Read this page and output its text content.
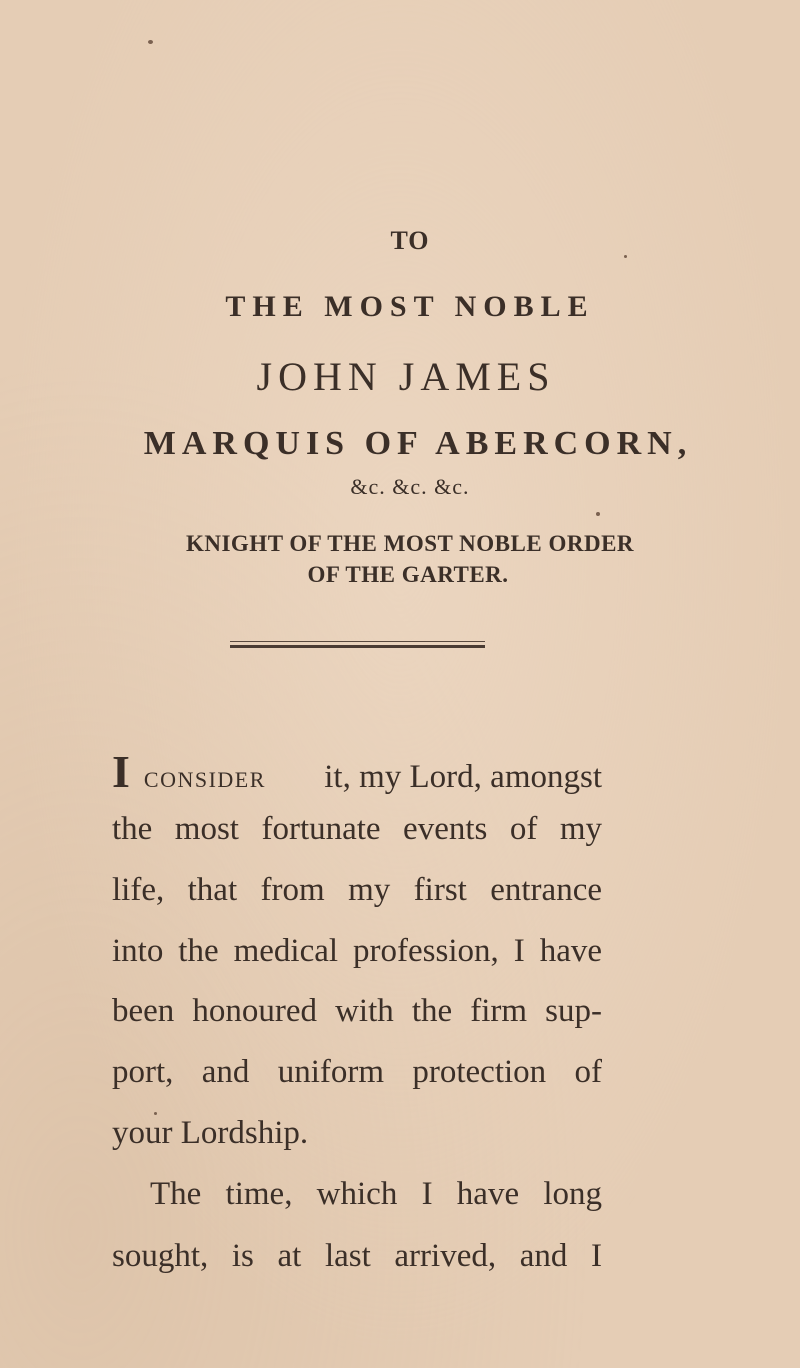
TO
THE MOST NOBLE
JOHN JAMES
MARQUIS OF ABERCORN,
&c. &c. &c.
KNIGHT OF THE MOST NOBLE ORDER
OF THE GARTER.
I CONSIDER	it, my Lord, amongst
the most fortunate events of my
life, that from my first entrance
into the medical profession, I have
been honoured with the firm sup-
port, and uniform protection of
your Lordship.
The time, which I have long
sought, is at last arrived, and I
